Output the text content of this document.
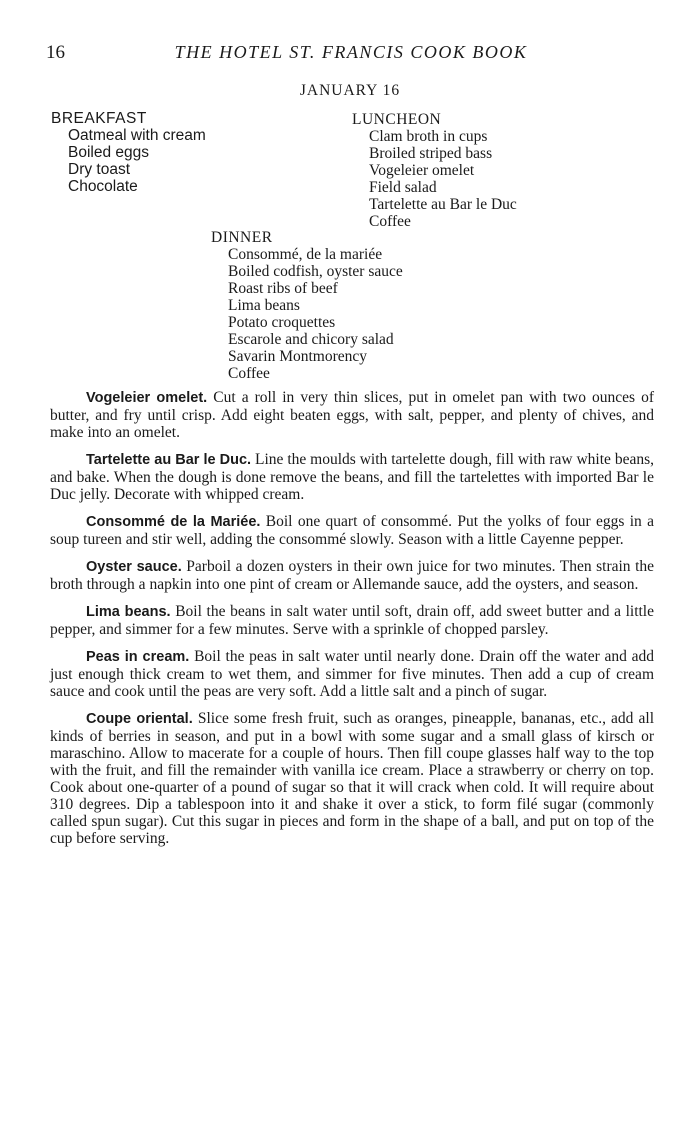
16	THE HOTEL ST. FRANCIS COOK BOOK
JANUARY 16
BREAKFAST
Oatmeal with cream
Boiled eggs
Dry toast
Chocolate
LUNCHEON
Clam broth in cups
Broiled striped bass
Vogeleier omelet
Field salad
Tartelette au Bar le Duc
Coffee
DINNER
Consommé, de la mariée
Boiled codfish, oyster sauce
Roast ribs of beef
Lima beans
Potato croquettes
Escarole and chicory salad
Savarin Montmorency
Coffee

Vogeleier omelet. Cut a roll in very thin slices, put in omelet pan with two ounces of butter, and fry until crisp. Add eight beaten eggs, with salt, pepper, and plenty of chives, and make into an omelet.

Tartelette au Bar le Duc. Line the moulds with tartelette dough, fill with raw white beans, and bake. When the dough is done remove the beans, and fill the tartelettes with imported Bar le Duc jelly. Decorate with whipped cream.

Consommé de la Mariée. Boil one quart of consommé. Put the yolks of four eggs in a soup tureen and stir well, adding the consommé slowly. Season with a little Cayenne pepper.

Oyster sauce. Parboil a dozen oysters in their own juice for two minutes. Then strain the broth through a napkin into one pint of cream or Allemande sauce, add the oysters, and season.

Lima beans. Boil the beans in salt water until soft, drain off, add sweet butter and a little pepper, and simmer for a few minutes. Serve with a sprinkle of chopped parsley.

Peas in cream. Boil the peas in salt water until nearly done. Drain off the water and add just enough thick cream to wet them, and simmer for five minutes. Then add a cup of cream sauce and cook until the peas are very soft. Add a little salt and a pinch of sugar.

Coupe oriental. Slice some fresh fruit, such as oranges, pineapple, bananas, etc., add all kinds of berries in season, and put in a bowl with some sugar and a small glass of kirsch or maraschino. Allow to macerate for a couple of hours. Then fill coupe glasses half way to the top with the fruit, and fill the remainder with vanilla ice cream. Place a strawberry or cherry on top. Cook about one-quarter of a pound of sugar so that it will crack when cold. It will require about 310 degrees. Dip a tablespoon into it and shake it over a stick, to form filé sugar (commonly called spun sugar). Cut this sugar in pieces and form in the shape of a ball, and put on top of the cup before serving.
